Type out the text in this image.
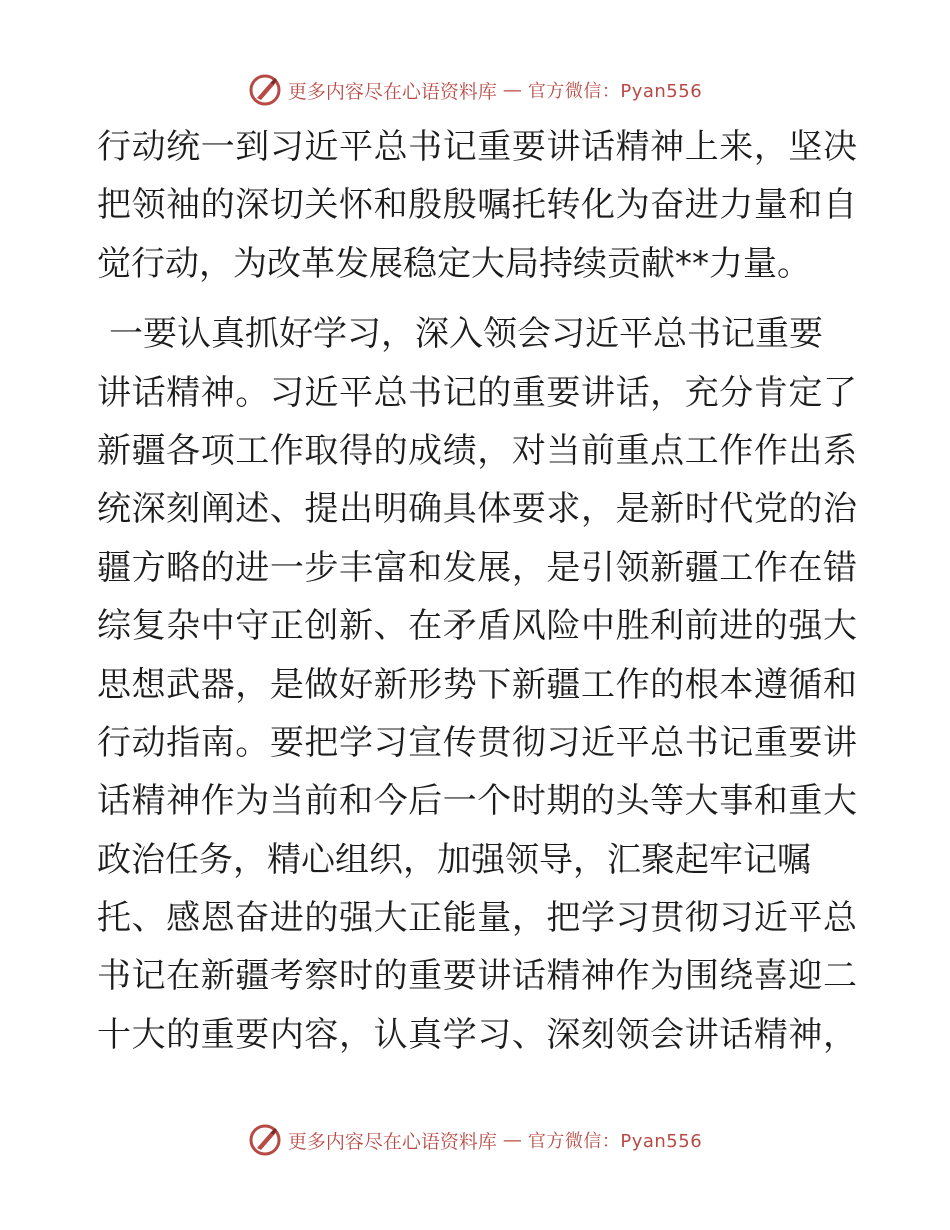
更多内容尽在心语资料库 — 官方微信：Pyan556
行动统一到习近平总书记重要讲话精神上来，坚决
把领袖的深切关怀和殷殷嘱托转化为奋进力量和自
觉行动，为改革发展稳定大局持续贡献**力量。
一要认真抓好学习，深入领会习近平总书记重要
讲话精神。习近平总书记的重要讲话，充分肯定了
新疆各项工作取得的成绩，对当前重点工作作出系
统深刻阐述、提出明确具体要求，是新时代党的治
疆方略的进一步丰富和发展，是引领新疆工作在错
综复杂中守正创新、在矛盾风险中胜利前进的强大
思想武器，是做好新形势下新疆工作的根本遵循和
行动指南。要把学习宣传贯彻习近平总书记重要讲
话精神作为当前和今后一个时期的头等大事和重大
政治任务，精心组织，加强领导，汇聚起牢记嘱
托、感恩奋进的强大正能量，把学习贯彻习近平总
书记在新疆考察时的重要讲话精神作为围绕喜迎二
十大的重要内容，认真学习、深刻领会讲话精神，
更多内容尽在心语资料库 — 官方微信：Pyan556
